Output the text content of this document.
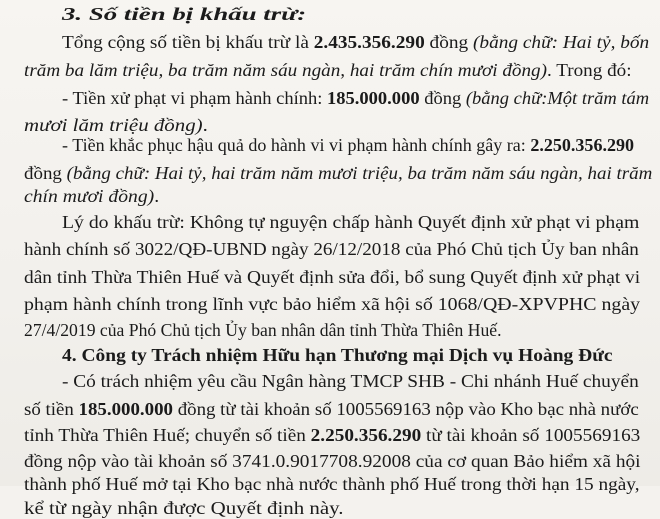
3. Số tiền bị khấu trừ:
Tổng cộng số tiền bị khấu trừ là 2.435.356.290 đồng (bằng chữ: Hai tỷ, bốn
trăm ba lăm triệu, ba trăm năm sáu ngàn, hai trăm chín mươi đồng). Trong đó:
- Tiền xử phạt vi phạm hành chính: 185.000.000 đồng (bằng chữ:Một trăm tám
mươi lăm triệu đồng).
- Tiền khắc phục hậu quả do hành vi vi phạm hành chính gây ra: 2.250.356.290
đồng (bằng chữ: Hai tỷ, hai trăm năm mươi triệu, ba trăm năm sáu ngàn, hai trăm
chín mươi đồng).
Lý do khấu trừ: Không tự nguyện chấp hành Quyết định xử phạt vi phạm
hành chính số 3022/QĐ-UBND ngày 26/12/2018 của Phó Chủ tịch Ủy ban nhân
dân tỉnh Thừa Thiên Huế và Quyết định sửa đổi, bổ sung Quyết định xử phạt vi
phạm hành chính trong lĩnh vực bảo hiểm xã hội số 1068/QĐ-XPVPHC ngày
27/4/2019 của Phó Chủ tịch Ủy ban nhân dân tỉnh Thừa Thiên Huế.
4. Công ty Trách nhiệm Hữu hạn Thương mại Dịch vụ Hoàng Đức
- Có trách nhiệm yêu cầu Ngân hàng TMCP SHB - Chi nhánh Huế chuyển
số tiền 185.000.000 đồng từ tài khoản số 1005569163 nộp vào Kho bạc nhà nước
tỉnh Thừa Thiên Huế; chuyển số tiền 2.250.356.290 từ tài khoản số 1005569163
đồng nộp vào tài khoản số 3741.0.9017708.92008 của cơ quan Bảo hiểm xã hội
thành phố Huế mở tại Kho bạc nhà nước thành phố Huế trong thời hạn 15 ngày,
kể từ ngày nhận được Quyết định này.
